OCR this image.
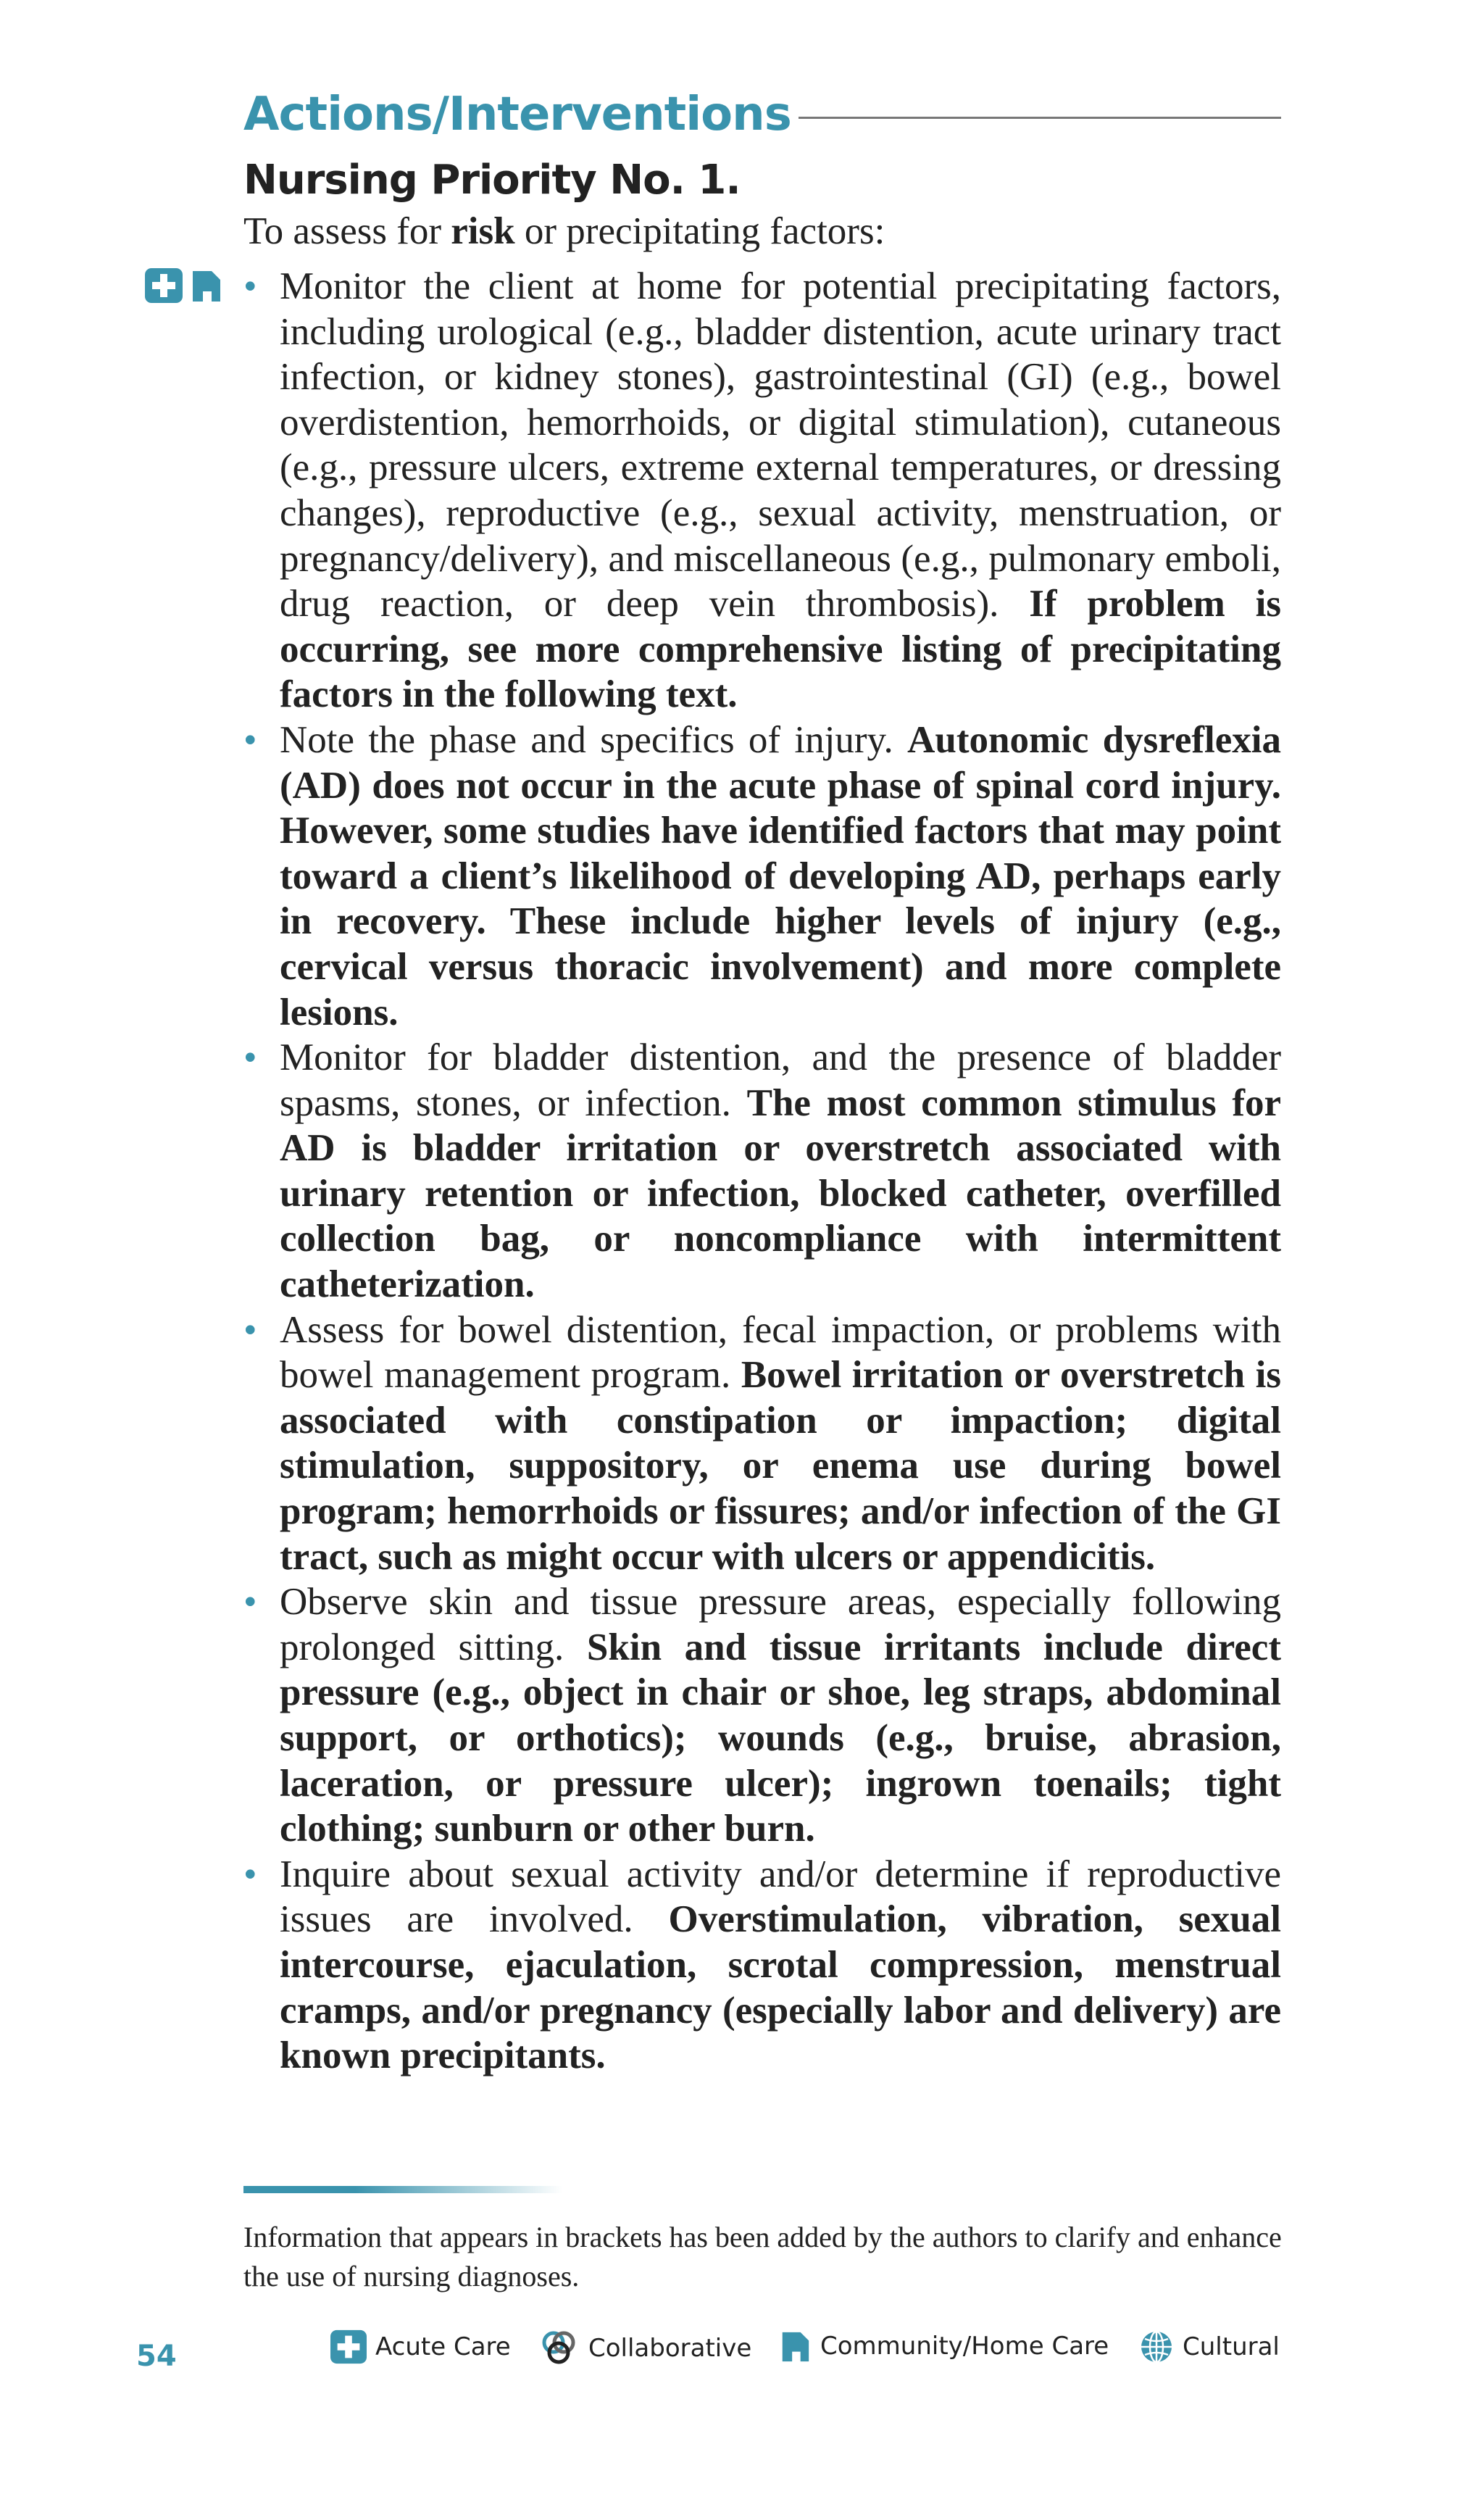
Actions/Interventions
Nursing Priority No. 1.
To assess for risk or precipitating factors:
• Monitor the client at home for potential precipitating factors, including urological (e.g., bladder distention, acute urinary tract infection, or kidney stones), gastrointestinal (GI) (e.g., bowel overdistention, hemorrhoids, or digital stimulation), cutaneous (e.g., pressure ulcers, extreme external temperatures, or dressing changes), reproductive (e.g., sexual activity, menstruation, or pregnancy/delivery), and miscellaneous (e.g., pulmonary emboli, drug reaction, or deep vein thrombosis). If problem is occurring, see more comprehensive listing of precipitating factors in the following text.
• Note the phase and specifics of injury. Autonomic dysreflexia (AD) does not occur in the acute phase of spinal cord injury. However, some studies have identified factors that may point toward a client’s likelihood of developing AD, perhaps early in recovery. These include higher levels of injury (e.g., cervical versus thoracic involvement) and more complete lesions.
• Monitor for bladder distention, and the presence of bladder spasms, stones, or infection. The most common stimulus for AD is bladder irritation or overstretch associated with urinary retention or infection, blocked catheter, overfilled collection bag, or noncompliance with intermittent catheterization.
• Assess for bowel distention, fecal impaction, or problems with bowel management program. Bowel irritation or overstretch is associated with constipation or impaction; digital stimulation, suppository, or enema use during bowel program; hemorrhoids or fissures; and/or infection of the GI tract, such as might occur with ulcers or appendicitis.
• Observe skin and tissue pressure areas, especially following prolonged sitting. Skin and tissue irritants include direct pressure (e.g., object in chair or shoe, leg straps, abdominal support, or orthotics); wounds (e.g., bruise, abrasion, laceration, or pressure ulcer); ingrown toenails; tight clothing; sunburn or other burn.
• Inquire about sexual activity and/or determine if reproductive issues are involved. Overstimulation, vibration, sexual intercourse, ejaculation, scrotal compression, menstrual cramps, and/or pregnancy (especially labor and delivery) are known precipitants.
Information that appears in brackets has been added by the authors to clarify and enhance the use of nursing diagnoses.
54	Acute Care	Collaborative	Community/Home Care	Cultural
